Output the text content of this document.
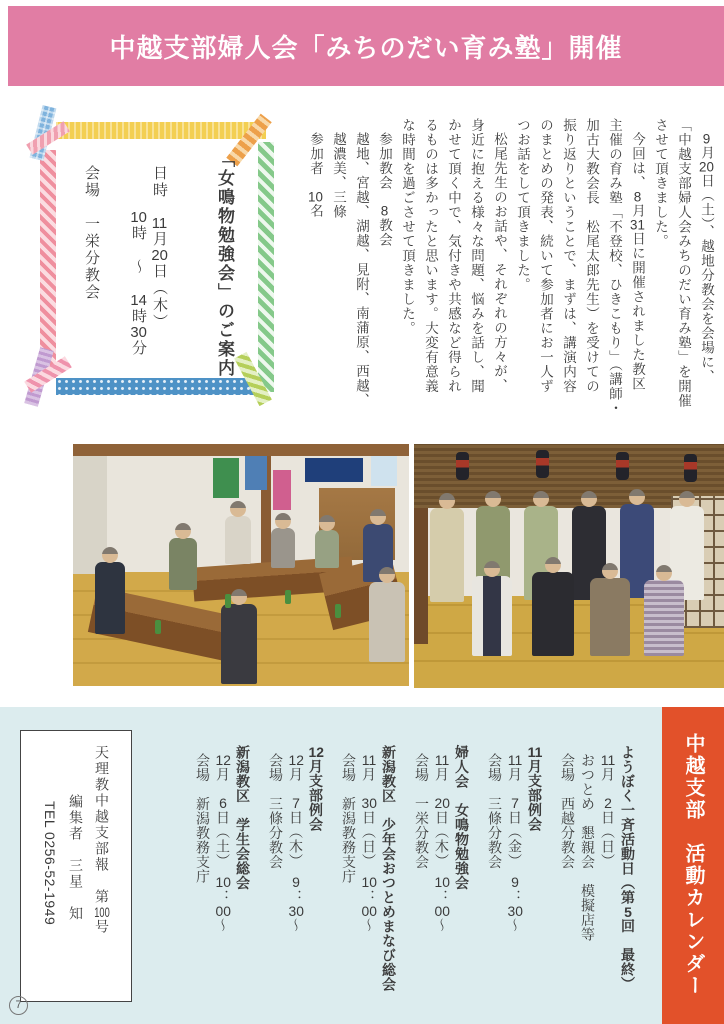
中越支部婦人会「みちのだい育み塾」開催

9月20日（土）、越地分教会を会場に、

「中越支部婦人会みちのだい育み塾」を開催

させて頂きました。

今回は、8月31日に開催されました教区

主催の育み塾「不登校、ひきこもり」（講師・

加古大教会長　松尾太郎先生）を受けての

振り返りということで、まずは、講演内容

のまとめの発表、続いて参加者にお一人ず

つお話をして頂きました。

松尾先生のお話や、それぞれの方々が、

身近に抱える様々な問題、悩みを話し、聞

かせて頂く中で、気付きや共感など得られ

るものは多かったと思います。大変有意義

な時間を過ごさせて頂きました。

参加教会　8教会

越地、宮越、湖越、見附、南蒲原、西越、

越濃美、三條

参加者　10名

「女鳴物勉強会」のご案内

日時　11月20日（木）

10時　～　14時30分

会場　一栄分教会

中越支部　活動カレンダー

ようぼく一斉活動日（第5回　最終）

11月　2日（日）

おつとめ　懇親会　模擬店等

会場　西越分教会

11月支部例会

11月　7日（金）　9：30～

会場　三條分教会

婦人会　女鳴物勉強会

11月　20日（木）　10：00～

会場　一栄分教会

新潟教区　少年会おつとめまなび総会

11月　30日（日）　10：00～

会場　新潟教務支庁

12月支部例会

12月　7日（木）　9：30～

会場　三條分教会

新潟教区　学生会総会

12月　6日（土）　10：00～

会場　新潟教務支庁

天理教中越支部報　第100号

編集者　三星　知

TEL 0256-52-1949

7
